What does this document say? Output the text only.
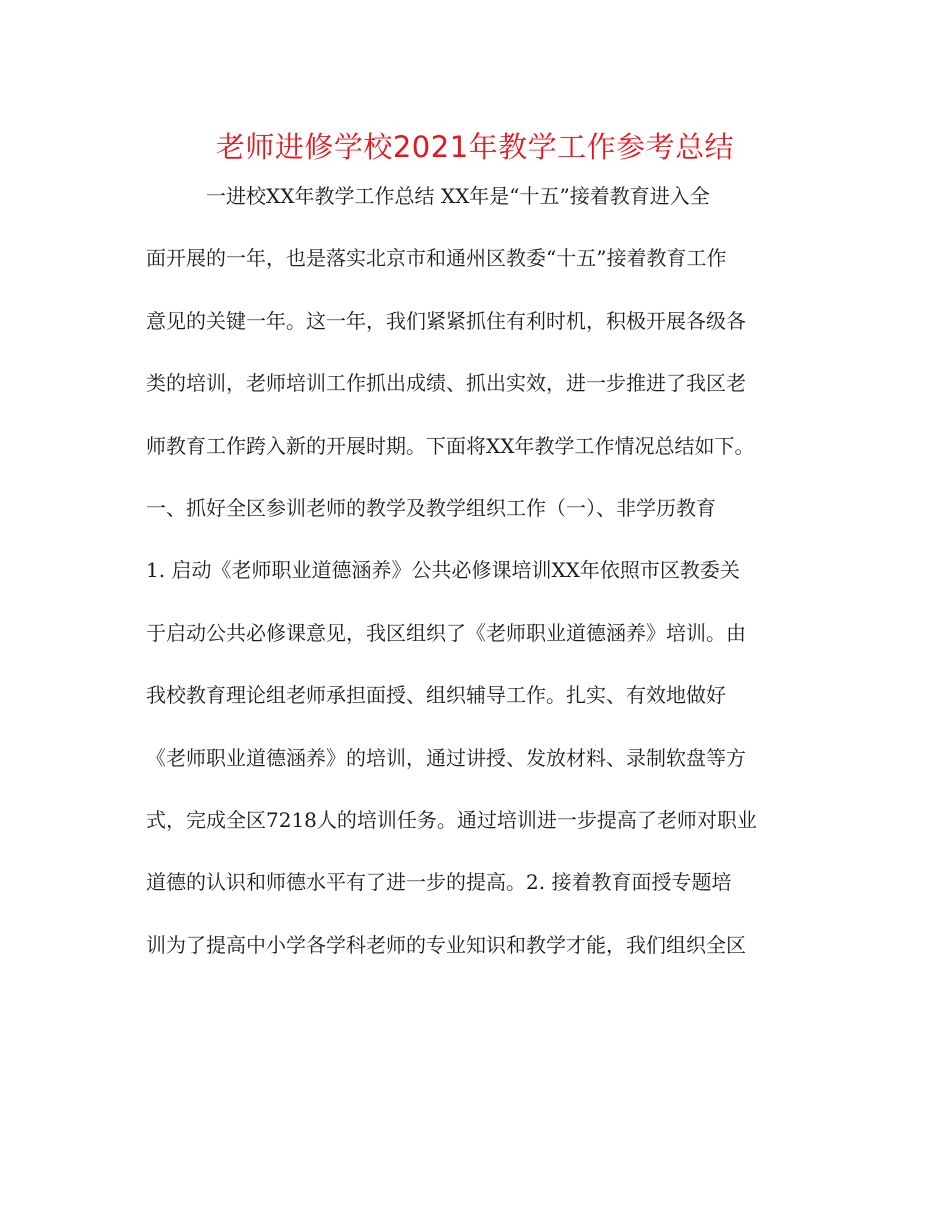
老师进修学校2021年教学工作参考总结
一进校XX年教学工作总结 XX年是“十五”接着教育进入全
面开展的一年，也是落实北京市和通州区教委“十五”接着教育工作
意见的关键一年。这一年，我们紧紧抓住有利时机，积极开展各级各
类的培训，老师培训工作抓出成绩、抓出实效，进一步推进了我区老
师教育工作跨入新的开展时期。下面将XX年教学工作情况总结如下。
一、抓好全区参训老师的教学及教学组织工作（一）、非学历教育
1. 启动《老师职业道德涵养》公共必修课培训XX年依照市区教委关
于启动公共必修课意见，我区组织了《老师职业道德涵养》培训。由
我校教育理论组老师承担面授、组织辅导工作。扎实、有效地做好
《老师职业道德涵养》的培训，通过讲授、发放材料、录制软盘等方
式，完成全区7218人的培训任务。通过培训进一步提高了老师对职业
道德的认识和师德水平有了进一步的提高。2. 接着教育面授专题培
训为了提高中小学各学科老师的专业知识和教学才能，我们组织全区
